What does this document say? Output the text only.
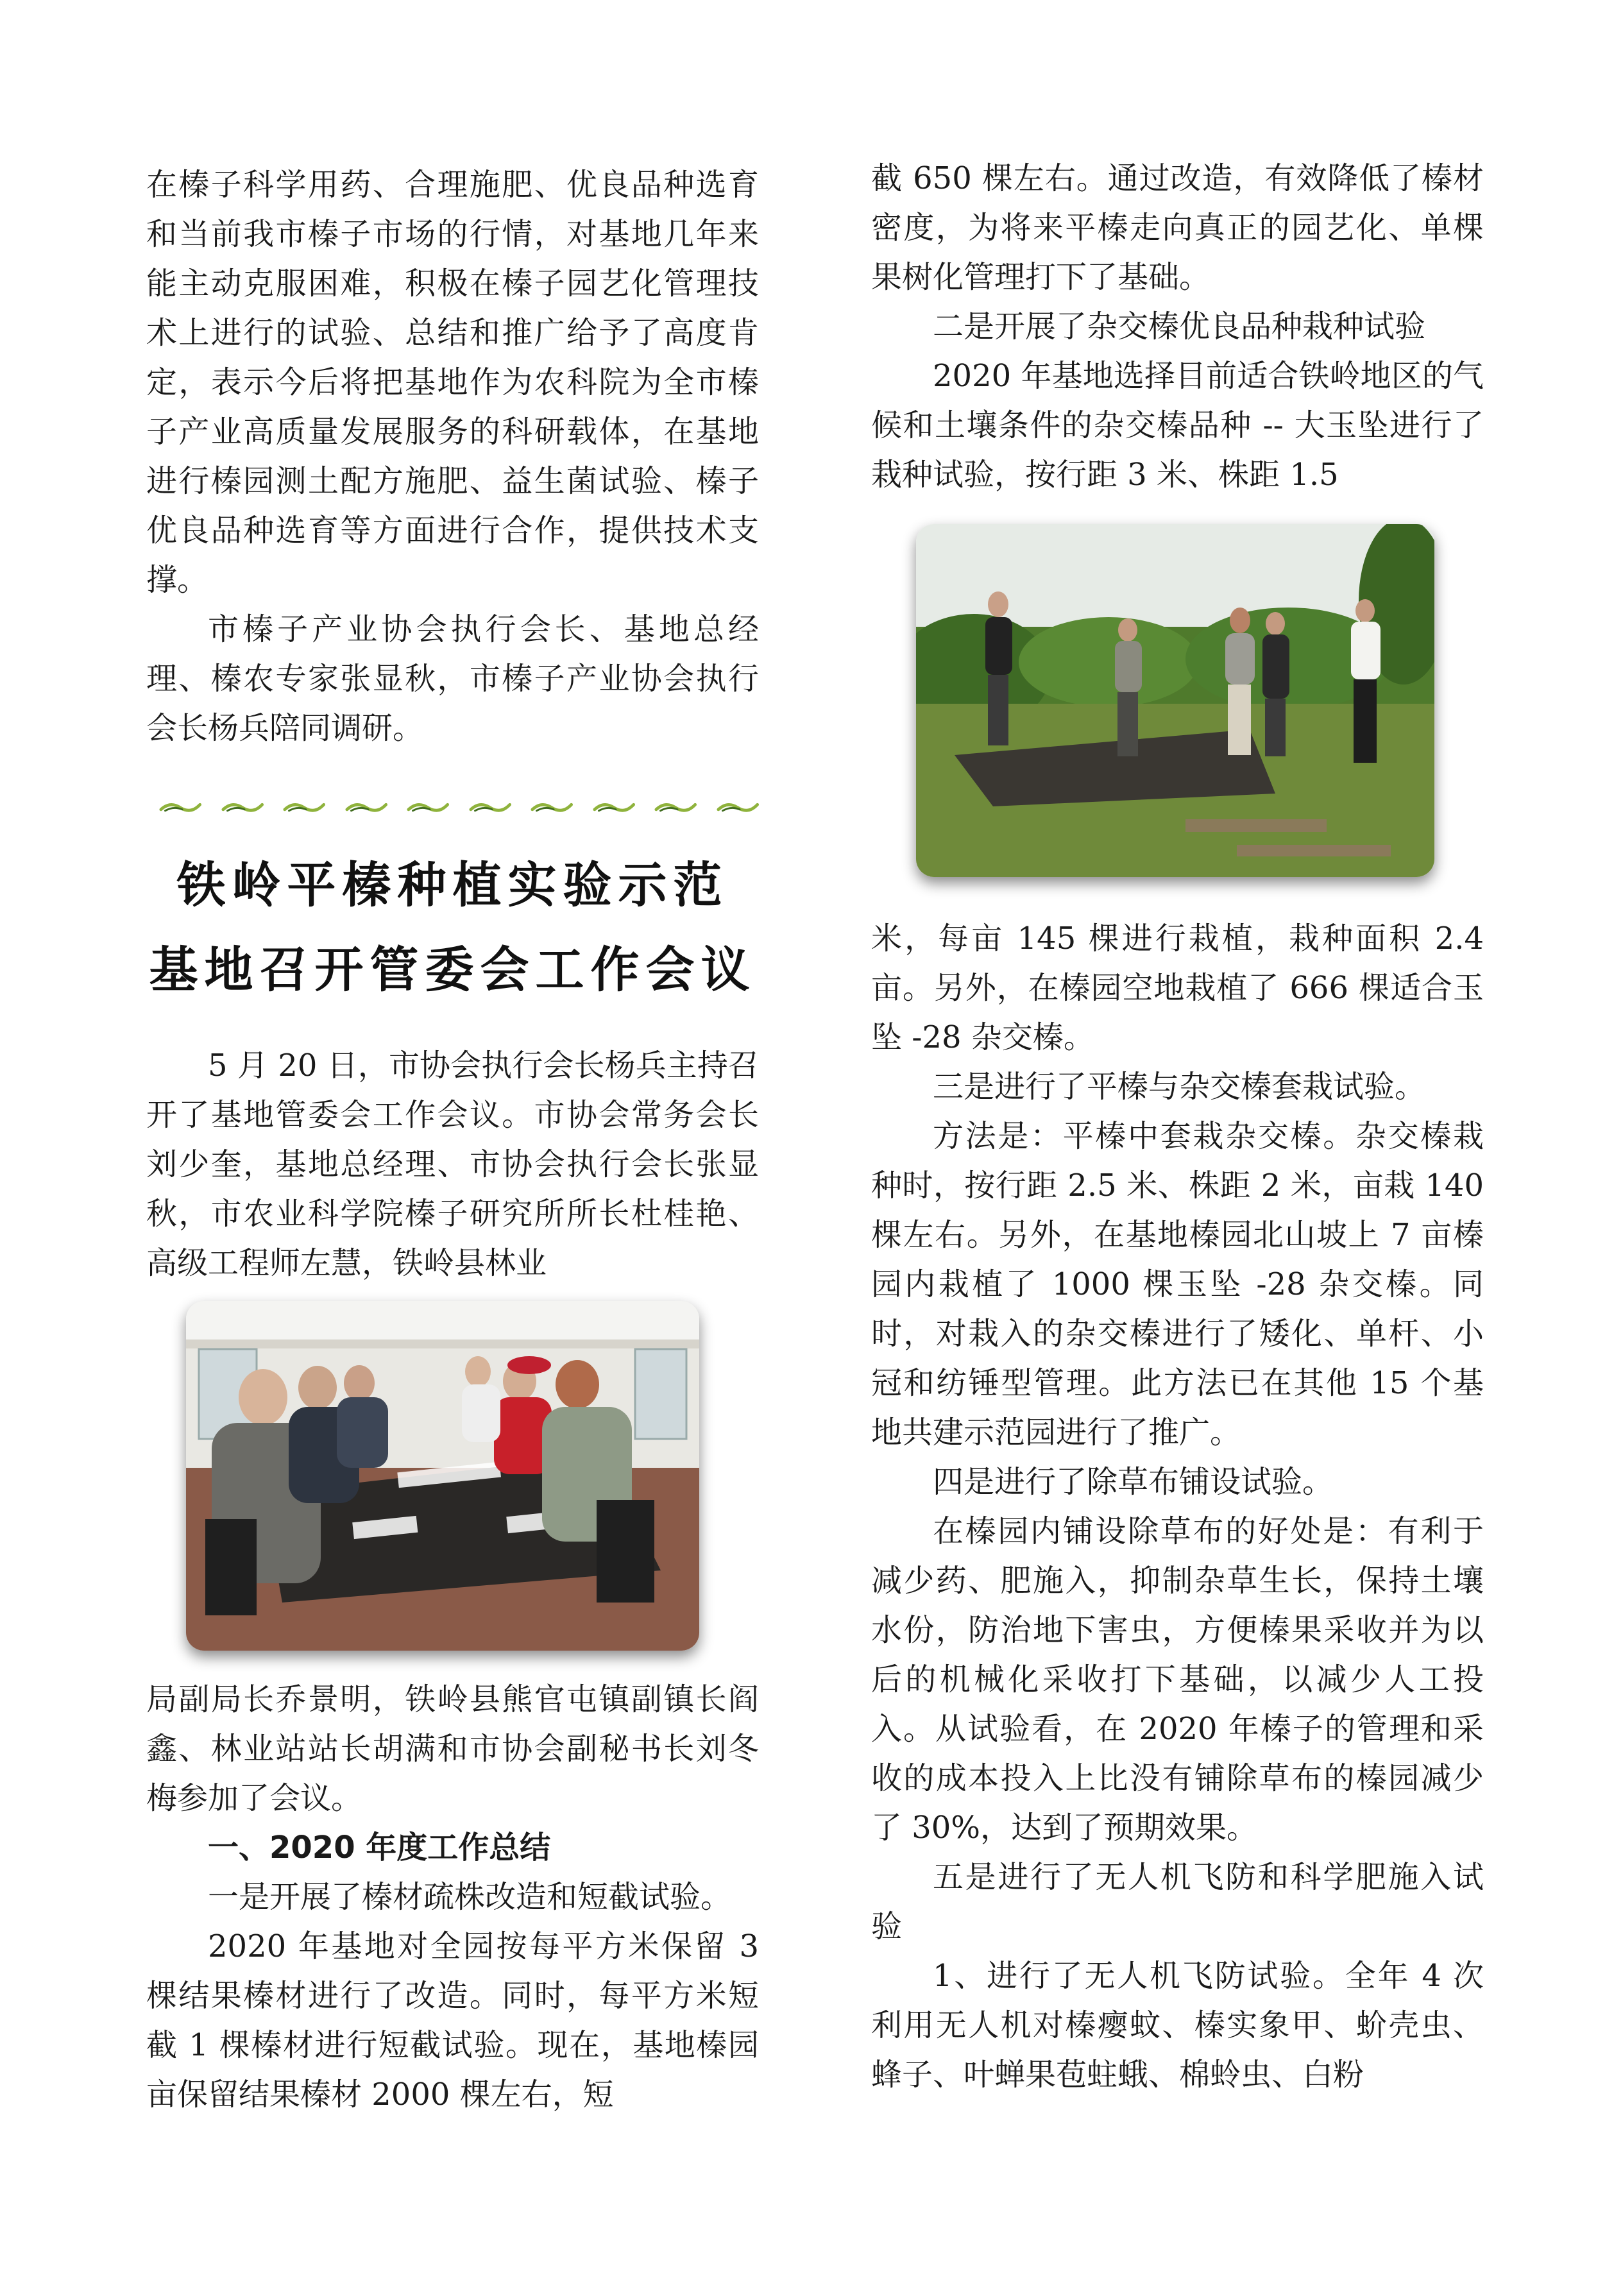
在榛子科学用药、合理施肥、优良品种选育和当前我市榛子市场的行情，对基地几年来能主动克服困难，积极在榛子园艺化管理技术上进行的试验、总结和推广给予了高度肯定，表示今后将把基地作为农科院为全市榛子产业高质量发展服务的科研载体，在基地进行榛园测土配方施肥、益生菌试验、榛子优良品种选育等方面进行合作，提供技术支撑。

市榛子产业协会执行会长、基地总经理、榛农专家张显秋，市榛子产业协会执行会长杨兵陪同调研。

铁岭平榛种植实验示范
基地召开管委会工作会议

5 月 20 日，市协会执行会长杨兵主持召开了基地管委会工作会议。市协会常务会长刘少奎，基地总经理、市协会执行会长张显秋，市农业科学院榛子研究所所长杜桂艳、高级工程师左慧，铁岭县林业

局副局长乔景明，铁岭县熊官屯镇副镇长阎鑫、林业站站长胡满和市协会副秘书长刘冬梅参加了会议。

一、2020 年度工作总结

一是开展了榛材疏株改造和短截试验。

2020 年基地对全园按每平方米保留 3 棵结果榛材进行了改造。同时，每平方米短截 1 棵榛材进行短截试验。现在，基地榛园亩保留结果榛材 2000 棵左右，短

截 650 棵左右。通过改造，有效降低了榛材密度，为将来平榛走向真正的园艺化、单棵果树化管理打下了基础。

二是开展了杂交榛优良品种栽种试验

2020 年基地选择目前适合铁岭地区的气候和土壤条件的杂交榛品种 -- 大玉坠进行了栽种试验，按行距 3 米、株距 1.5

米，每亩 145 棵进行栽植，栽种面积 2.4 亩。另外，在榛园空地栽植了 666 棵适合玉坠 -28 杂交榛。

三是进行了平榛与杂交榛套栽试验。

方法是：平榛中套栽杂交榛。杂交榛栽种时，按行距 2.5 米、株距 2 米，亩栽 140 棵左右。另外，在基地榛园北山坡上 7 亩榛园内栽植了 1000 棵玉坠 -28 杂交榛。同时，对栽入的杂交榛进行了矮化、单杆、小冠和纺锤型管理。此方法已在其他 15 个基地共建示范园进行了推广。

四是进行了除草布铺设试验。

在榛园内铺设除草布的好处是：有利于减少药、肥施入，抑制杂草生长，保持土壤水份，防治地下害虫，方便榛果采收并为以后的机械化采收打下基础，以减少人工投入。从试验看，在 2020 年榛子的管理和采收的成本投入上比没有铺除草布的榛园减少了 30%，达到了预期效果。

五是进行了无人机飞防和科学肥施入试验

1、进行了无人机飞防试验。全年 4 次利用无人机对榛瘿蚊、榛实象甲、蚧壳虫、蜂子、叶蝉果苞蛀蛾、棉蛉虫、白粉
